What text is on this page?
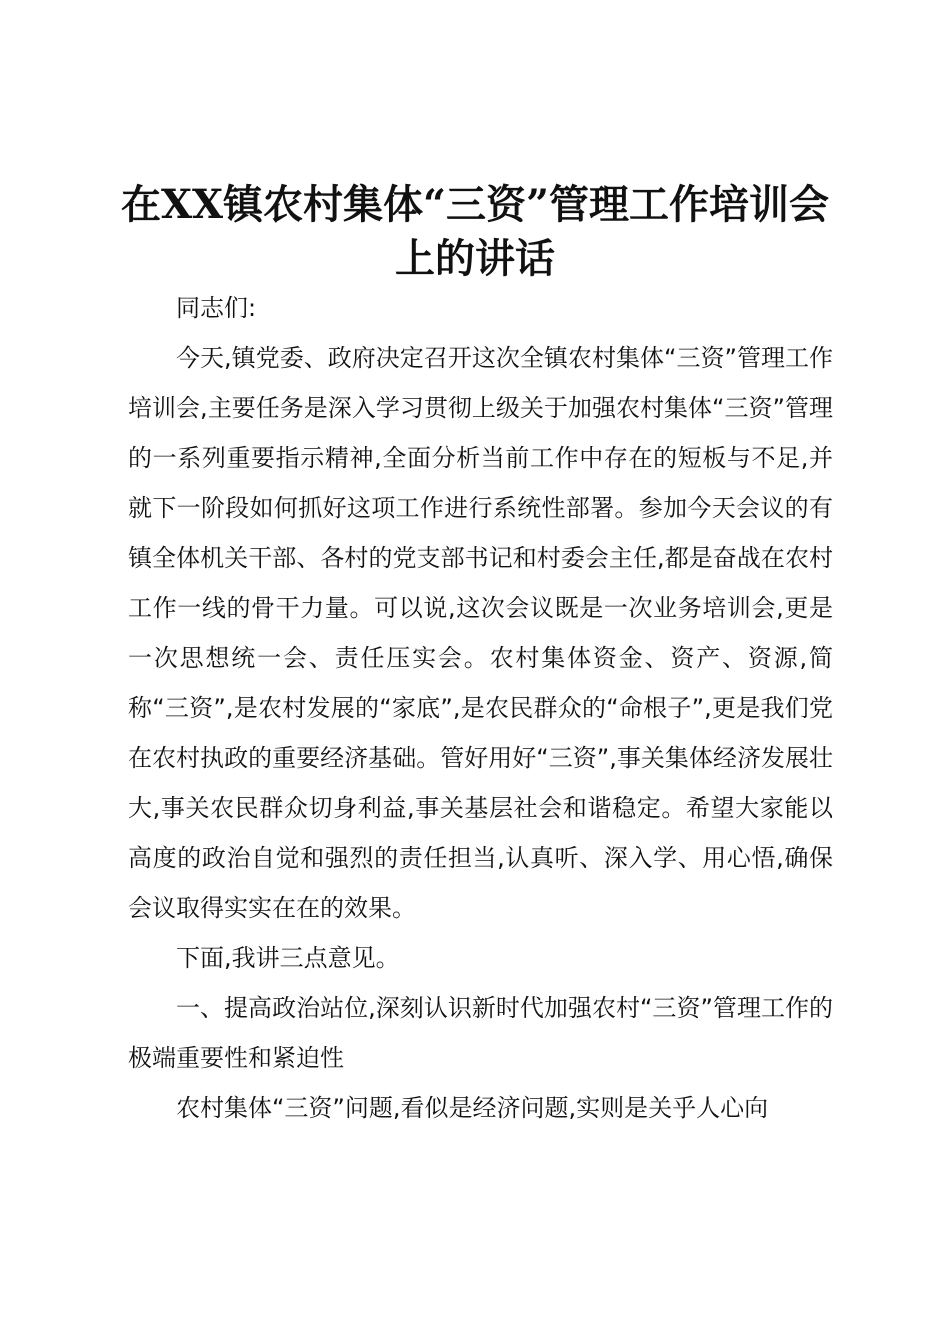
在XX镇农村集体“三资”管理工作培训会上的讲话

同志们:

今天,镇党委、政府决定召开这次全镇农村集体“三资”管理工作培训会,主要任务是深入学习贯彻上级关于加强农村集体“三资”管理的一系列重要指示精神,全面分析当前工作中存在的短板与不足,并就下一阶段如何抓好这项工作进行系统性部署。参加今天会议的有镇全体机关干部、各村的党支部书记和村委会主任,都是奋战在农村工作一线的骨干力量。可以说,这次会议既是一次业务培训会,更是一次思想统一会、责任压实会。农村集体资金、资产、资源,简称“三资”,是农村发展的“家底”,是农民群众的“命根子”,更是我们党在农村执政的重要经济基础。管好用好“三资”,事关集体经济发展壮大,事关农民群众切身利益,事关基层社会和谐稳定。希望大家能以高度的政治自觉和强烈的责任担当,认真听、深入学、用心悟,确保会议取得实实在在的效果。

下面,我讲三点意见。

一、提高政治站位,深刻认识新时代加强农村“三资”管理工作的极端重要性和紧迫性

农村集体“三资”问题,看似是经济问题,实则是关乎人心向
